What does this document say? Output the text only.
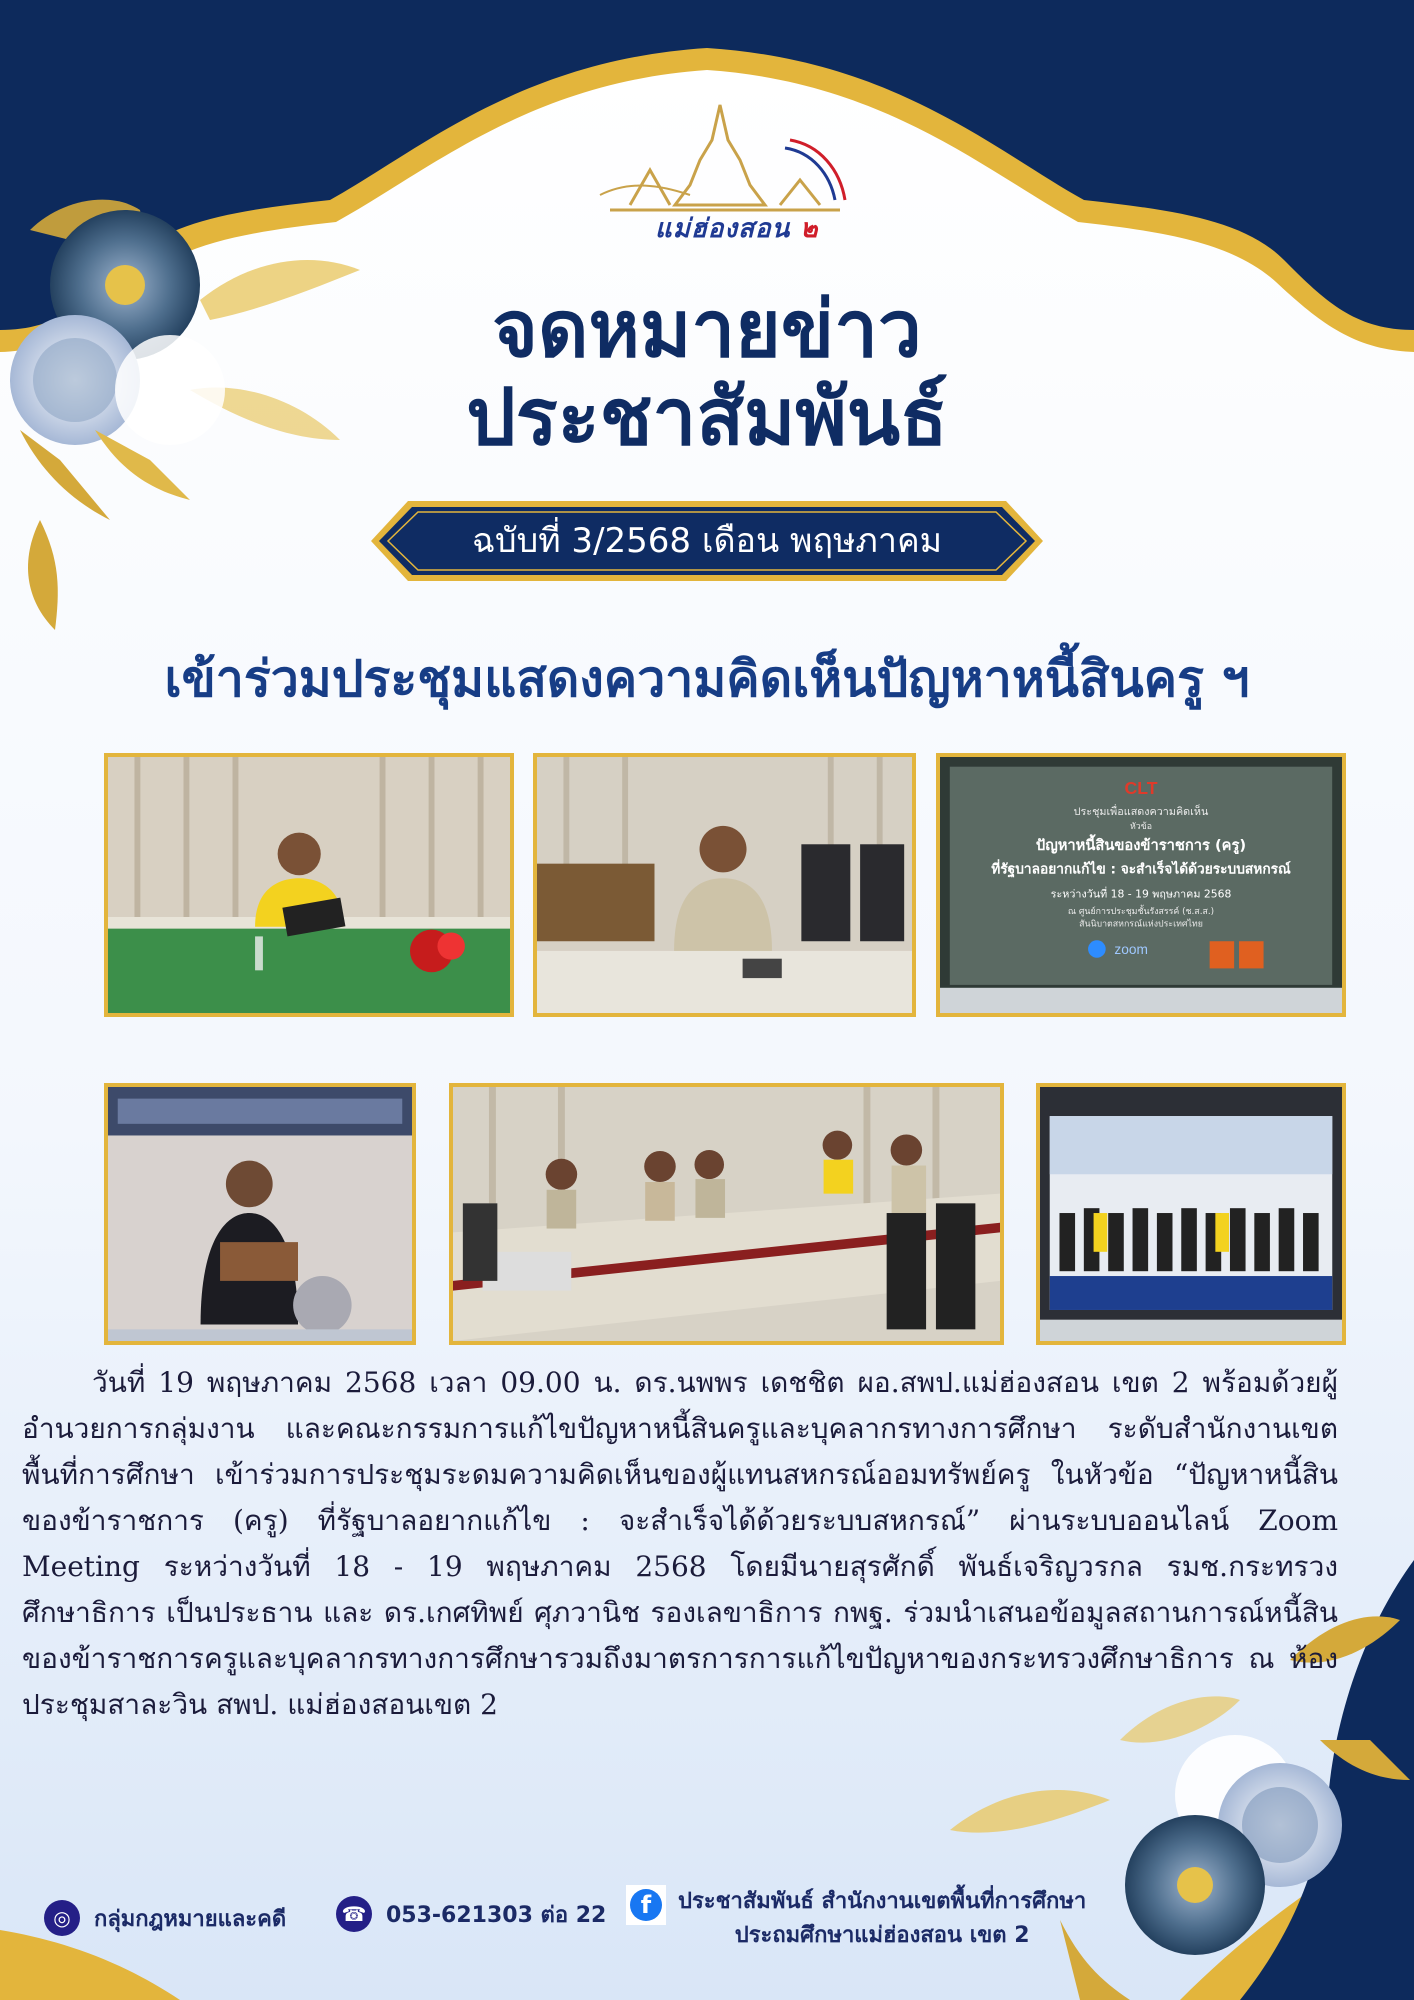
แม่ฮ่องสอน ๒
จดหมายข่าว
ประชาสัมพันธ์
ฉบับที่ 3/2568 เดือน พฤษภาคม
เข้าร่วมประชุมแสดงความคิดเห็นปัญหาหนี้สินครู ฯ
CLT
ประชุมเพื่อแสดงความคิดเห็น
หัวข้อ
ปัญหาหนี้สินของข้าราชการ (ครู)
ที่รัฐบาลอยากแก้ไข : จะสำเร็จได้ด้วยระบบสหกรณ์
ระหว่างวันที่ 18 - 19 พฤษภาคม 2568
ณ ศูนย์การประชุมชั้นรังสรรค์ (ช.ส.ส.)
สันนิบาตสหกรณ์แห่งประเทศไทย
zoom
วันที่ 19 พฤษภาคม 2568 เวลา 09.00 น. ดร.นพพร เดชชิต ผอ.สพป.แม่ฮ่องสอน เขต 2 พร้อมด้วยผู้อำนวยการกลุ่มงาน และคณะกรรมการแก้ไขปัญหาหนี้สินครูและบุคลากรทางการศึกษา ระดับสำนักงานเขตพื้นที่การศึกษา เข้าร่วมการประชุมระดมความคิดเห็นของผู้แทนสหกรณ์ออมทรัพย์ครู ในหัวข้อ “ปัญหาหนี้สินของข้าราชการ (ครู) ที่รัฐบาลอยากแก้ไข : จะสำเร็จได้ด้วยระบบสหกรณ์” ผ่านระบบออนไลน์ Zoom Meeting ระหว่างวันที่ 18 - 19 พฤษภาคม 2568 โดยมีนายสุรศักดิ์ พันธ์เจริญวรกล รมช.กระทรวงศึกษาธิการ เป็นประธาน และ ดร.เกศทิพย์ ศุภวานิช รองเลขาธิการ กพฐ. ร่วมนำเสนอข้อมูลสถานการณ์หนี้สินของข้าราชการครูและบุคลากรทางการศึกษารวมถึงมาตรการการแก้ไขปัญหาของกระทรวงศึกษาธิการ ณ ห้องประชุมสาละวิน สพป. แม่ฮ่องสอนเขต 2
◎	กลุ่มกฎหมายและคดี	☎ 053-621303 ต่อ 22	f	ประชาสัมพันธ์ สำนักงานเขตพื้นที่การศึกษา
ประถมศึกษาแม่ฮ่องสอน เขต 2
